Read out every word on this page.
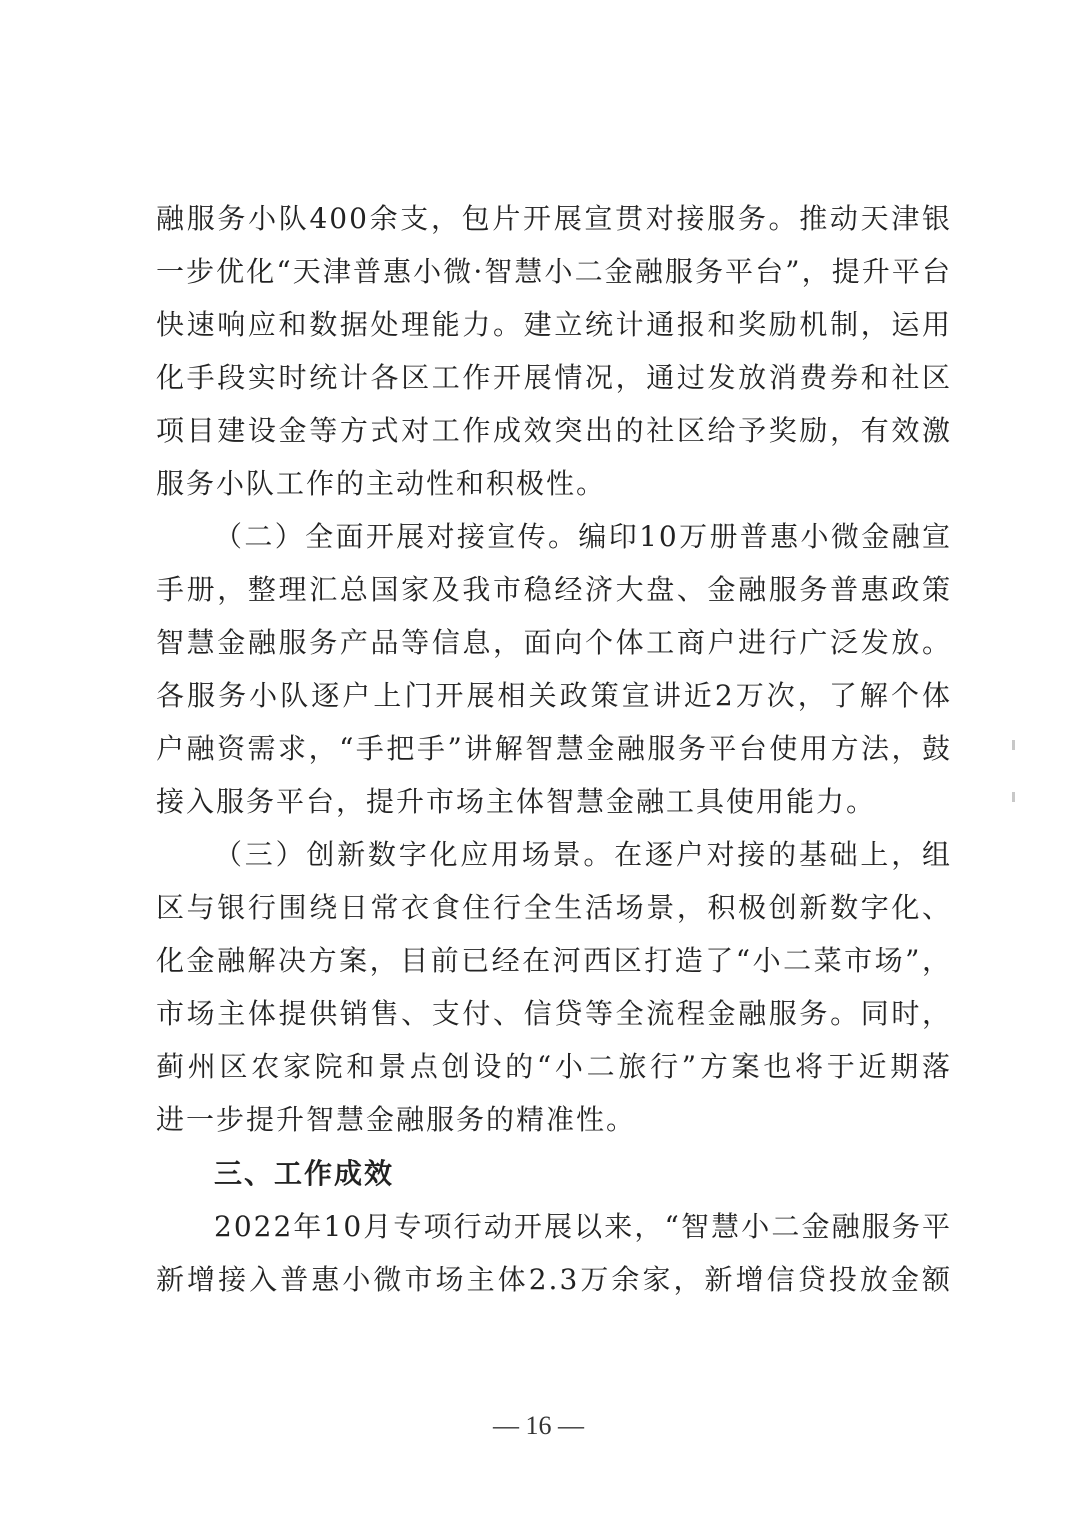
融服务小队400余支，包片开展宣贯对接服务。推动天津银
一步优化“天津普惠小微·智慧小二金融服务平台”，提升平台
快速响应和数据处理能力。建立统计通报和奖励机制，运用
化手段实时统计各区工作开展情况，通过发放消费券和社区
项目建设金等方式对工作成效突出的社区给予奖励，有效激
服务小队工作的主动性和积极性。
（二）全面开展对接宣传。编印10万册普惠小微金融宣
手册，整理汇总国家及我市稳经济大盘、金融服务普惠政策
智慧金融服务产品等信息，面向个体工商户进行广泛发放。
各服务小队逐户上门开展相关政策宣讲近2万次，了解个体
户融资需求，“手把手”讲解智慧金融服务平台使用方法，鼓
接入服务平台，提升市场主体智慧金融工具使用能力。
（三）创新数字化应用场景。在逐户对接的基础上，组
区与银行围绕日常衣食住行全生活场景，积极创新数字化、
化金融解决方案，目前已经在河西区打造了“小二菜市场”，
市场主体提供销售、支付、信贷等全流程金融服务。同时，
蓟州区农家院和景点创设的“小二旅行”方案也将于近期落
进一步提升智慧金融服务的精准性。
三、工作成效
2022年10月专项行动开展以来，“智慧小二金融服务平
新增接入普惠小微市场主体2.3万余家，新增信贷投放金额
— 16 —
